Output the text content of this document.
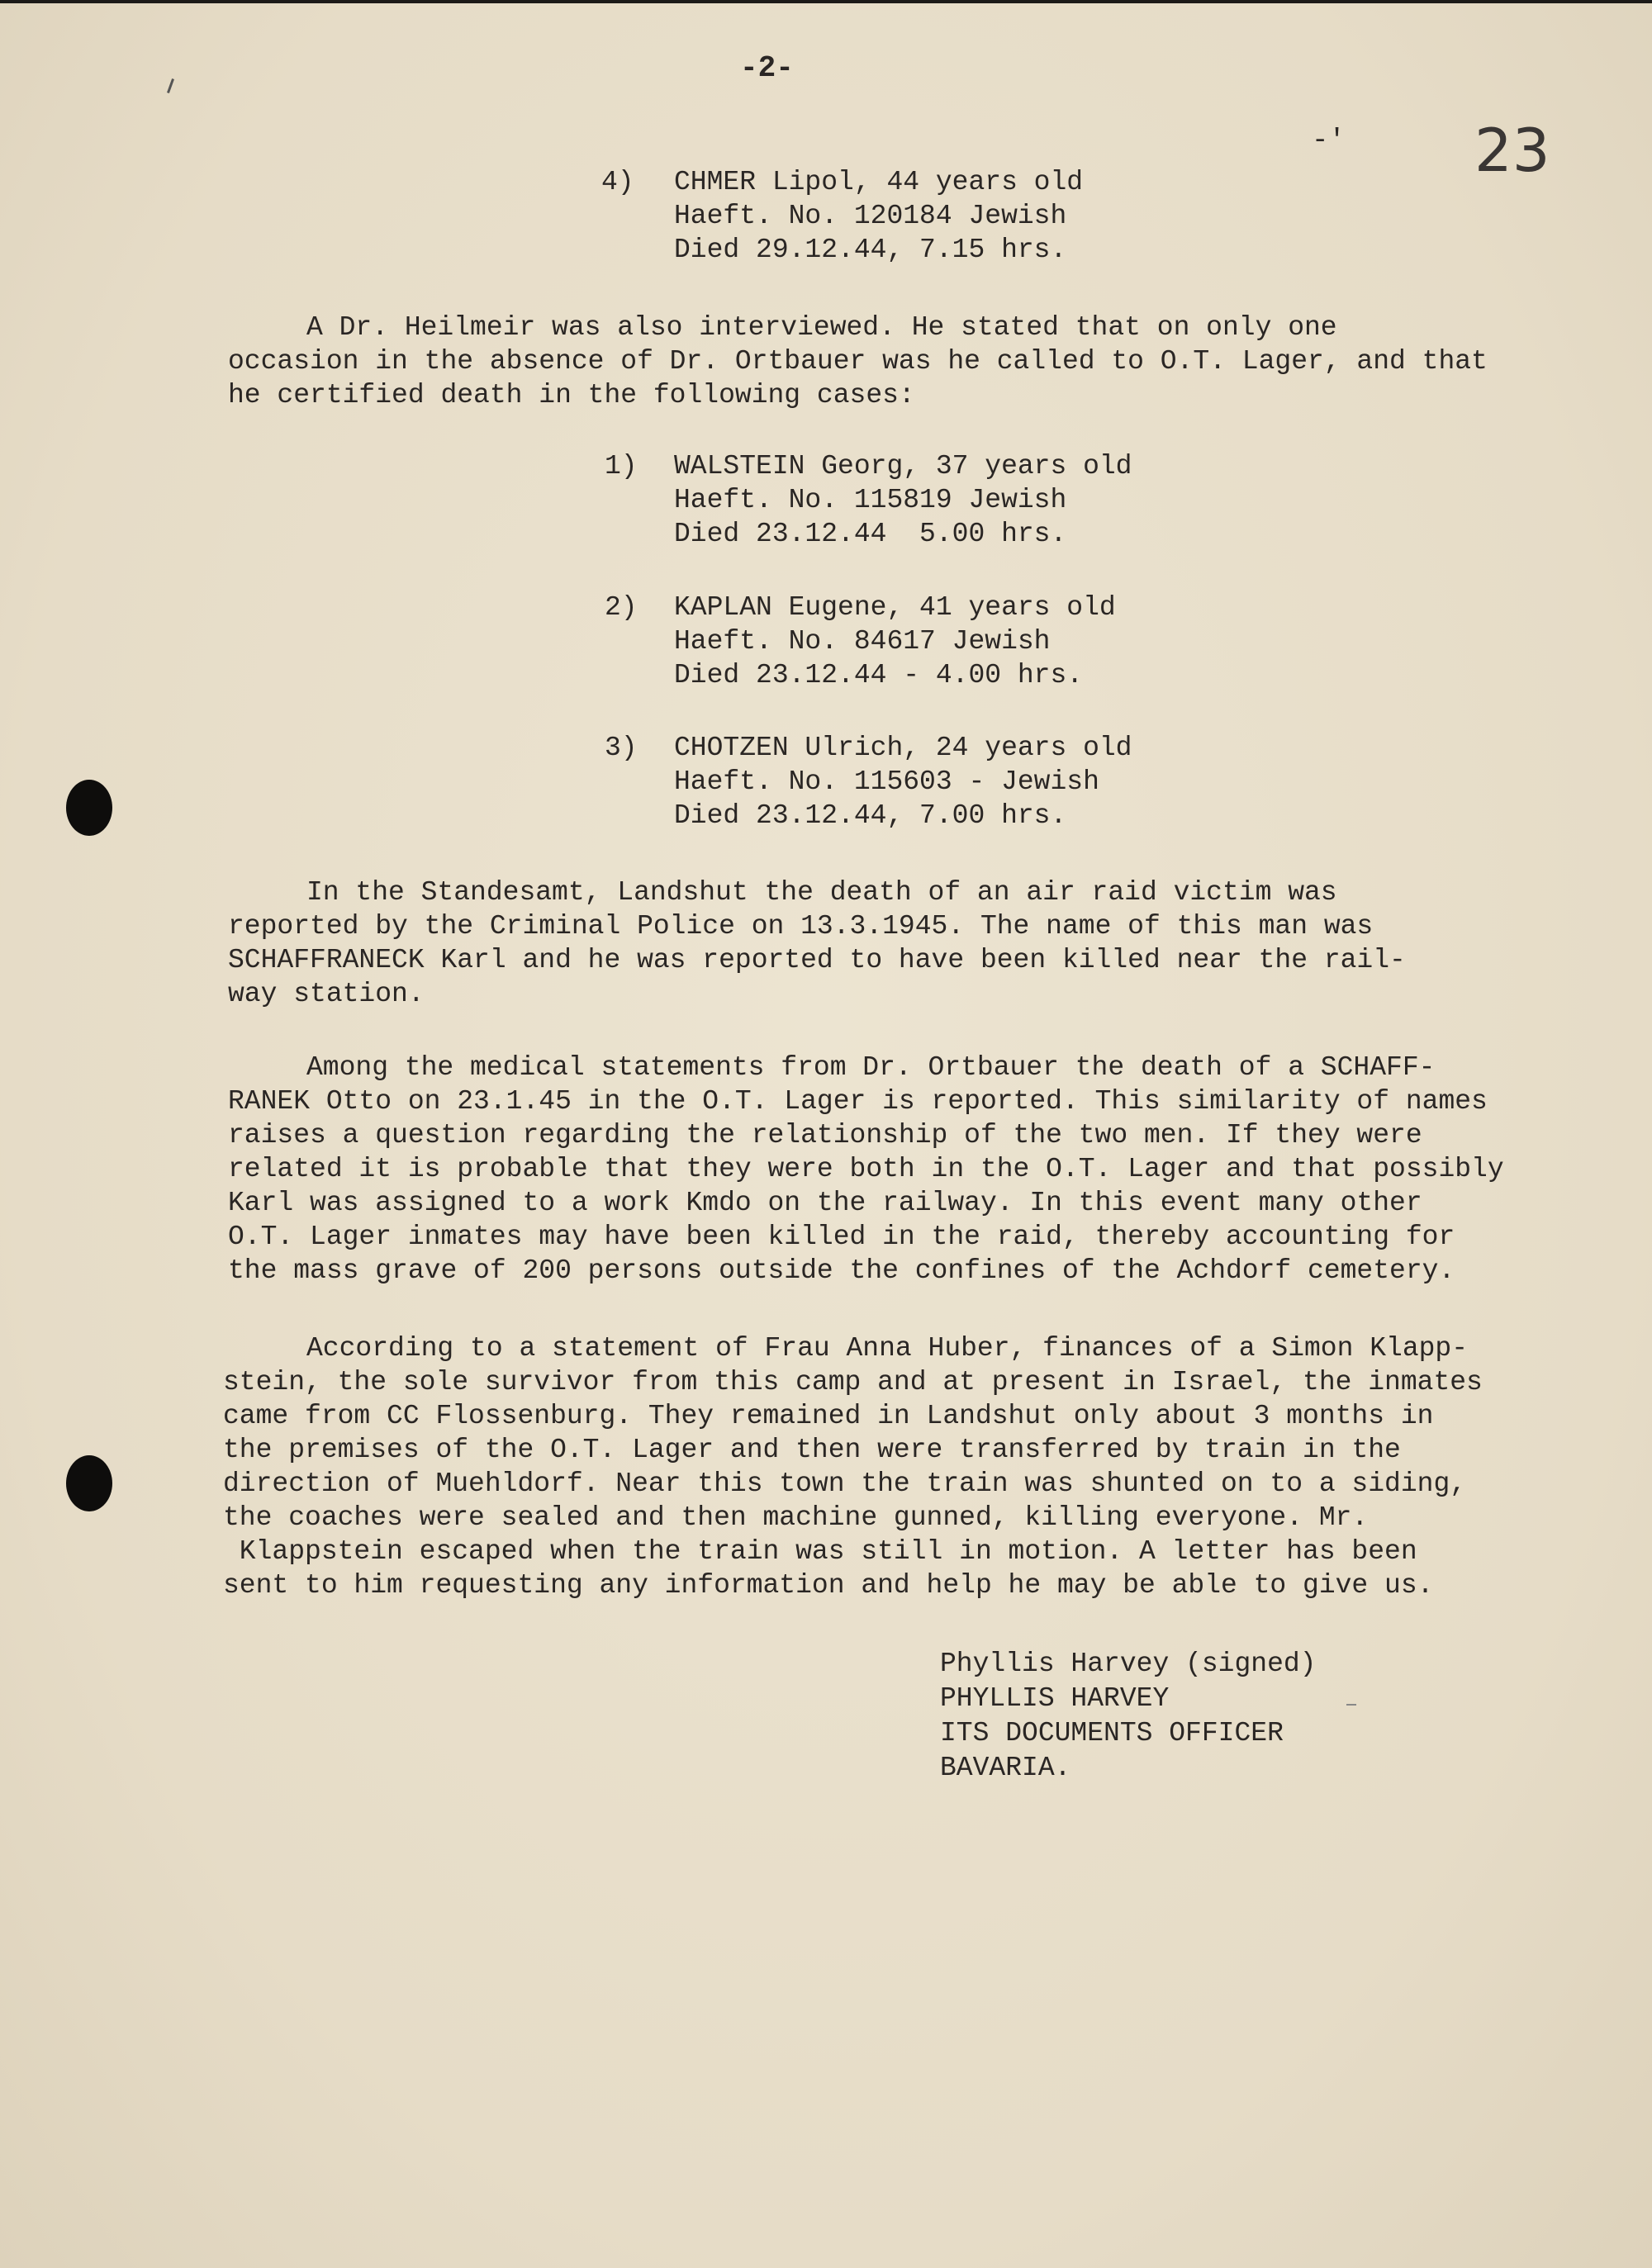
-2-
-' 23
4) CHMER Lipol, 44 years old
Haeft. No. 120184 Jewish
Died 29.12.44, 7.15 hrs.
A Dr. Heilmeir was also interviewed. He stated that on only one
occasion in the absence of Dr. Ortbauer was he called to O.T. Lager, and that
he certified death in the following cases:
1) WALSTEIN Georg, 37 years old
Haeft. No. 115819 Jewish
Died 23.12.44  5.00 hrs.
2) KAPLAN Eugene, 41 years old
Haeft. No. 84617 Jewish
Died 23.12.44 - 4.00 hrs.
3) CHOTZEN Ulrich, 24 years old
Haeft. No. 115603 - Jewish
Died 23.12.44, 7.00 hrs.
In the Standesamt, Landshut the death of an air raid victim was
reported by the Criminal Police on 13.3.1945. The name of this man was
SCHAFFRANECK Karl and he was reported to have been killed near the rail-
way station.
Among the medical statements from Dr. Ortbauer the death of a SCHAFF-
RANEK Otto on 23.1.45 in the O.T. Lager is reported. This similarity of names
raises a question regarding the relationship of the two men. If they were
related it is probable that they were both in the O.T. Lager and that possibly
Karl was assigned to a work Kmdo on the railway. In this event many other
O.T. Lager inmates may have been killed in the raid, thereby accounting for
the mass grave of 200 persons outside the confines of the Achdorf cemetery.
According to a statement of Frau Anna Huber, finances of a Simon Klapp-
stein, the sole survivor from this camp and at present in Israel, the inmates
came from CC Flossenburg. They remained in Landshut only about 3 months in
the premises of the O.T. Lager and then were transferred by train in the
direction of Muehldorf. Near this town the train was shunted on to a siding,
the coaches were sealed and then machine gunned, killing everyone. Mr.
Klappstein escaped when the train was still in motion. A letter has been
sent to him requesting any information and help he may be able to give us.
Phyllis Harvey (signed)
PHYLLIS HARVEY
ITS DOCUMENTS OFFICER
BAVARIA.
